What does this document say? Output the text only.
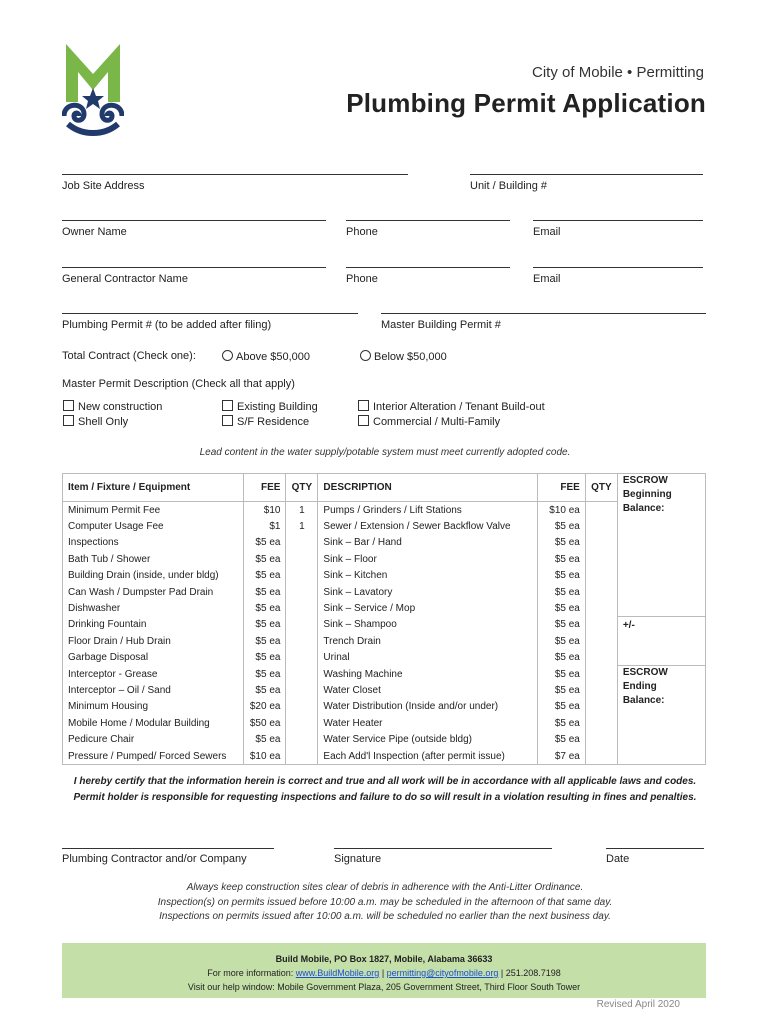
City of Mobile • Permitting
Plumbing Permit Application
Job Site Address	Unit / Building #
Owner Name	Phone	Email
General Contractor Name	Phone	Email
Plumbing Permit # (to be added after filing)	Master Building Permit #
Total Contract (Check one):	Above $50,000	Below $50,000
Master Permit Description (Check all that apply)
New construction
Shell Only
Existing Building
S/F Residence
Interior Alteration / Tenant Build-out
Commercial / Multi-Family
Lead content in the water supply/potable system must meet currently adopted code.
Item / Fixture / Equipment	FEE	QTY	DESCRIPTION	FEE	QTY	ESCROW Beginning Balance:
Minimum Permit Fee	$10	1	Pumps / Grinders / Lift Stations	$10 ea		
Computer Usage Fee	$1	1	Sewer / Extension / Sewer Backflow Valve	$5 ea		
Inspections	$5 ea		Sink – Bar / Hand	$5 ea		
Bath Tub / Shower	$5 ea		Sink – Floor	$5 ea		
Building Drain (inside, under bldg)	$5 ea		Sink – Kitchen	$5 ea		
Can Wash / Dumpster Pad Drain	$5 ea		Sink – Lavatory	$5 ea		
Dishwasher	$5 ea		Sink – Service / Mop	$5 ea		
Drinking Fountain	$5 ea		Sink – Shampoo	$5 ea		+/-
Floor Drain / Hub Drain	$5 ea		Trench Drain	$5 ea		
Garbage Disposal	$5 ea		Urinal	$5 ea		
Interceptor - Grease	$5 ea		Washing Machine	$5 ea		ESCROW Ending Balance:
Interceptor – Oil / Sand	$5 ea		Water Closet	$5 ea		
Minimum Housing	$20 ea		Water Distribution (Inside and/or under)	$5 ea		
Mobile Home / Modular Building	$50 ea		Water Heater	$5 ea		
Pedicure Chair	$5 ea		Water Service Pipe (outside bldg)	$5 ea		
Pressure / Pumped/ Forced Sewers	$10 ea		Each Add'l Inspection (after permit issue)	$7 ea		
I hereby certify that the information herein is correct and true and all work will be in accordance with all applicable laws and codes.
Permit holder is responsible for requesting inspections and failure to do so will result in a violation resulting in fines and penalties.
Plumbing Contractor and/or Company	Signature	Date
Always keep construction sites clear of debris in adherence with the Anti-Litter Ordinance.
Inspection(s) on permits issued before 10:00 a.m. may be scheduled in the afternoon of that same day.
Inspections on permits issued after 10:00 a.m. will be scheduled no earlier than the next business day.
Build Mobile, PO Box 1827, Mobile, Alabama 36633
For more information: www.BuildMobile.org | permitting@cityofmobile.org | 251.208.7198
Visit our help window: Mobile Government Plaza, 205 Government Street, Third Floor South Tower
Revised April 2020
